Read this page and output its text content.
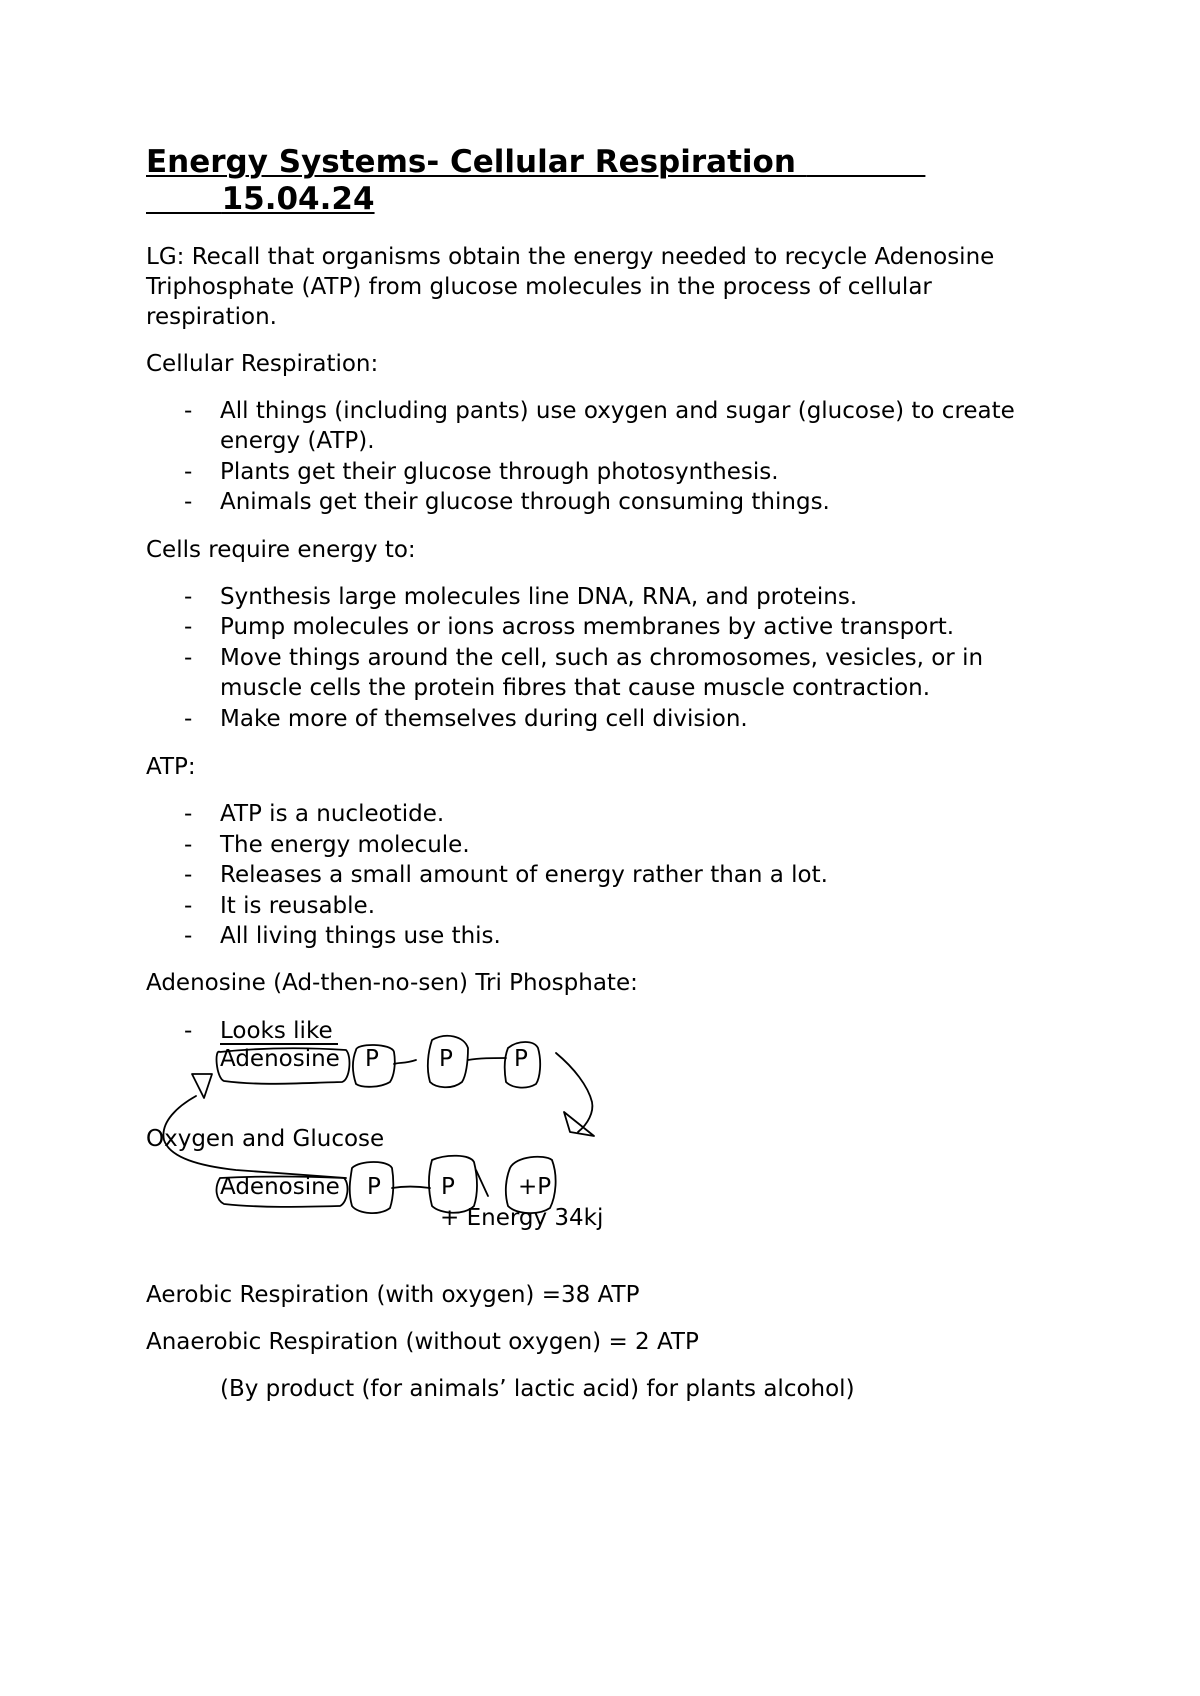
Energy Systems- Cellular Respiration
15.04.24
LG: Recall that organisms obtain the energy needed to recycle Adenosine
Triphosphate (ATP) from glucose molecules in the process of cellular
respiration.
Cellular Respiration:
- All things (including pants) use oxygen and sugar (glucose) to create
energy (ATP).
- Plants get their glucose through photosynthesis.
- Animals get their glucose through consuming things.
Cells require energy to:
- Synthesis large molecules line DNA, RNA, and proteins.
- Pump molecules or ions across membranes by active transport.
- Move things around the cell, such as chromosomes, vesicles, or in
muscle cells the protein fibres that cause muscle contraction.
- Make more of themselves during cell division.
ATP:
- ATP is a nucleotide.
- The energy molecule.
- Releases a small amount of energy rather than a lot.
- It is reusable.
- All living things use this.
Adenosine (Ad-then-no-sen) Tri Phosphate:
- Looks like
Adenosine P	P	P
Oxygen and Glucose
Adenosine P	P	+P
+ Energy 34kj
Aerobic Respiration (with oxygen) =38 ATP
Anaerobic Respiration (without oxygen) = 2 ATP
(By product (for animals’ lactic acid) for plants alcohol)
